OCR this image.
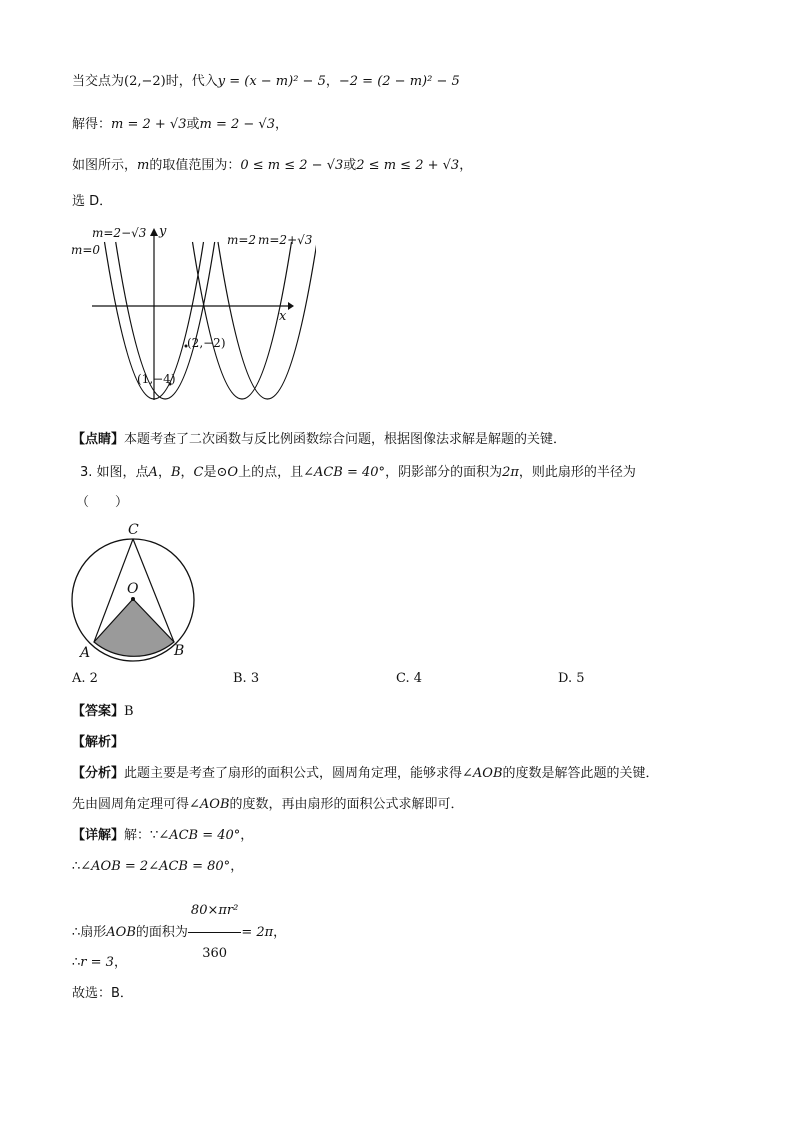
当交点为(2,−2)时，代入y = (x − m)² − 5，−2 = (2 − m)² − 5
解得：m = 2 + √3或m = 2 − √3，
如图所示，m的取值范围为：0 ≤ m ≤ 2 − √3或2 ≤ m ≤ 2 + √3，
选 D．
m=2−√3
m=0
y
m=2 m=2+√3
x
(2,−2)
(1,−4)
【点睛】本题考查了二次函数与反比例函数综合问题，根据图像法求解是解题的关键．
3. 如图，点A，B，C是⊙O上的点，且∠ACB = 40°，阴影部分的面积为2π，则此扇形的半径为
（　　）
C
O
A	B
A. 2	B. 3	C. 4	D. 5
【答案】B
【解析】
【分析】此题主要是考查了扇形的面积公式，圆周角定理，能够求得∠AOB的度数是解答此题的关键．
先由圆周角定理可得∠AOB的度数，再由扇形的面积公式求解即可．
【详解】解：∵∠ACB = 40°，
∴∠AOB = 2∠ACB = 80°，
∴扇形AOB的面积为 $\frac{\text{80×πr²}}{360} = 2\pi$，
∴r = 3，
故选：B．
